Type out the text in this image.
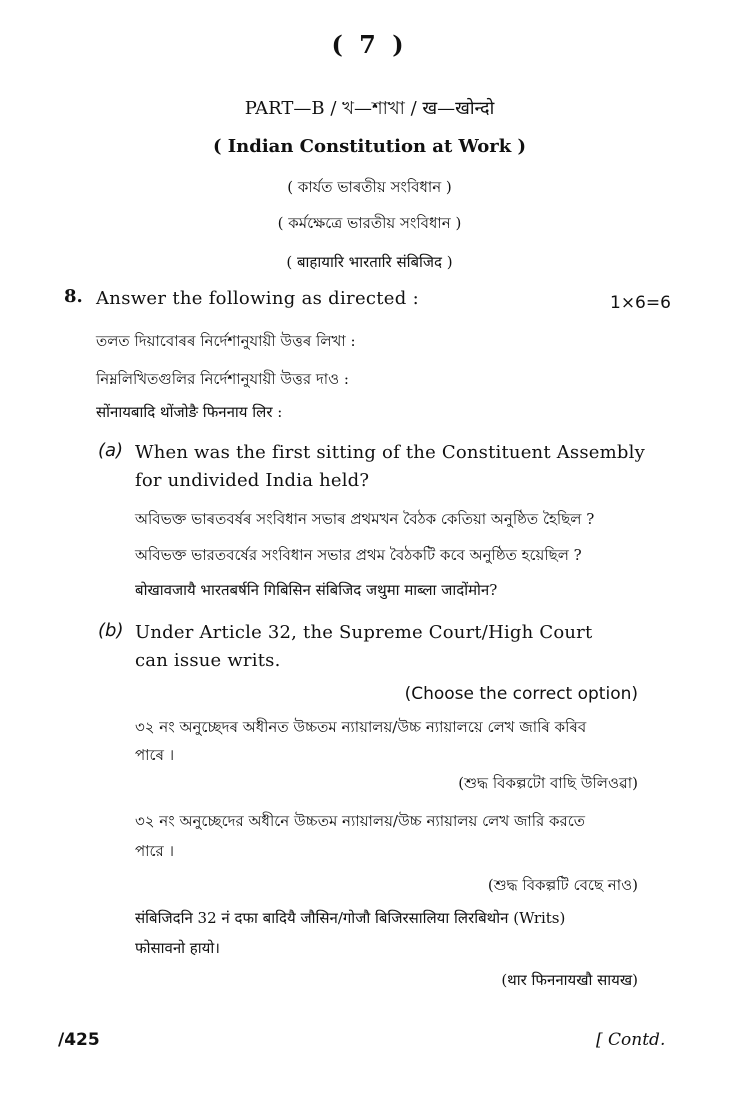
( 7 )
PART—B / খ—শাখা / ख—खोन्दो
( Indian Constitution at Work )
( কাৰ্যত ভাৰতীয় সংবিধান )
( কর্মক্ষেত্রে ভারতীয় সংবিধান )
( बाहायारि भारतारि संबिजिद )
8. Answer the following as directed :	1×6=6
তলত দিয়াবোৰৰ নিৰ্দেশানুযায়ী উত্তৰ লিখা :
নিম্নলিখিতগুলির নির্দেশানুযায়ী উত্তর দাও :
सोंनायबादि थोंजोङै फिननाय लिर :
(a) When was the first sitting of the Constituent Assembly
for undivided India held?
অবিভক্ত ভাৰতবৰ্ষৰ সংবিধান সভাৰ প্ৰথমখন বৈঠক কেতিয়া অনুষ্ঠিত হৈছিল ?
অবিভক্ত ভারতবর্ষের সংবিধান সভার প্রথম বৈঠকটি কবে অনুষ্ঠিত হয়েছিল ?
बोखावजायै भारतबर्षनि गिबिसिन संबिजिद जथुमा माब्ला जादोंमोन?
(b) Under Article 32, the Supreme Court/High Court
can issue writs.
(Choose the correct option)
৩২ নং অনুচ্ছেদৰ অধীনত উচ্চতম ন্যায়ালয়/উচ্চ ন্যায়ালয়ে লেখ জাৰি কৰিব
পাৰে ।
(শুদ্ধ বিকল্পটো বাছি উলিওৱা)
৩২ নং অনুচ্ছেদের অধীনে উচ্চতম ন্যায়ালয়/উচ্চ ন্যায়ালয় লেখ জারি করতে
পারে ।
(শুদ্ধ বিকল্পটি বেছে নাও)
संबिजिदनि 32 नं दफा बादियै जौसिन/गोजौ बिजिरसालिया लिरबिथोन (Writs)
फोसावनो हायो।
(थार फिननायखौ सायख)
/425	[ Contd.
